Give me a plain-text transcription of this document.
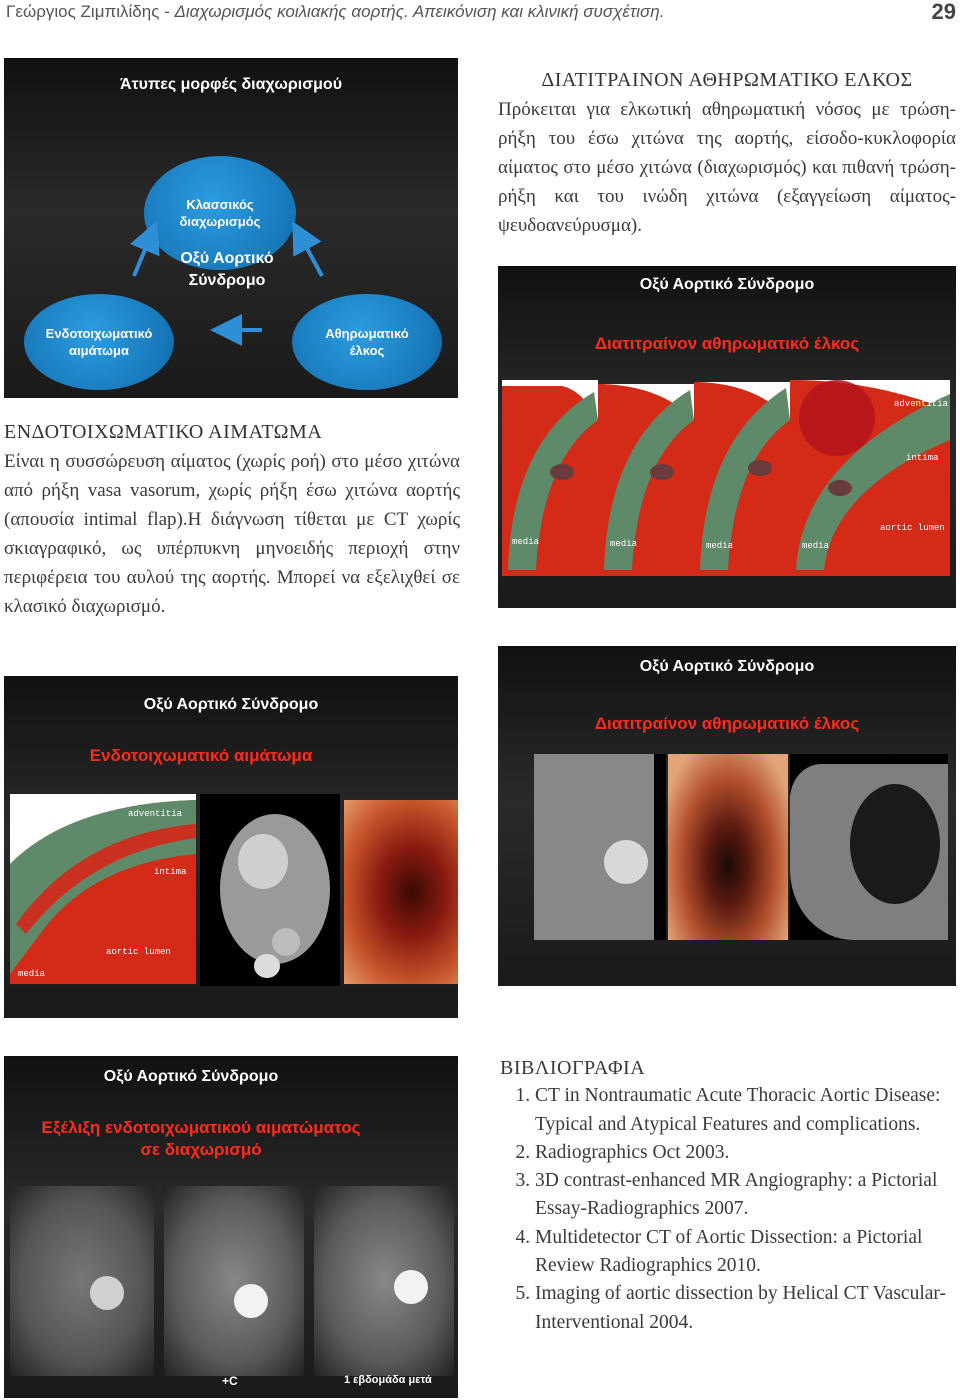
Γεώργιος Ζιμπιλίδης - Διαχωρισμός κοιλιακής αορτής. Απεικόνιση και κλινική συσχέτιση.	29
Άτυπες μορφές διαχωρισμού
Κλασσικός διαχωρισμός
Ενδοτοιχωματικό αιμάτωμα
Αθηρωματικό έλκος
Οξύ Αορτικό Σύνδρομο
ΔΙΑΤΙΤΡΑΙΝΟΝ ΑΘΗΡΩΜΑΤΙΚΟ ΕΛΚΟΣ
Πρόκειται για ελκωτική αθηρωματική νόσος με τρώση-ρήξη του έσω χιτώνα της αορτής, είσοδο-κυκλοφορία αίματος στο μέσο χιτώνα (διαχωρισμός) και πιθανή τρώση-ρήξη και του ινώδη χιτώνα (εξαγγείωση αίματος-ψευδοανεύρυσμα).
Οξύ Αορτικό Σύνδρομο
Διατιτραίνον αθηρωματικό έλκος
adventitia
intima
media	media	media	media
aortic lumen
ΕΝΔΟΤΟΙΧΩΜΑΤΙΚΟ ΑΙΜΑΤΩΜΑ
Είναι η συσσώρευση αίματος (χωρίς ροή) στο μέσο χιτώνα από ρήξη vasa vasorum, χωρίς ρήξη έσω χιτώνα αορτής (απουσία intimal flap).Η διάγνωση τίθεται με CT χωρίς σκιαγραφικό, ως υπέρπυκνη μηνοειδής περιοχή στην περιφέρεια του αυλού της αορτής. Μπορεί να εξελιχθεί σε κλασικό διαχωρισμό.
Οξύ Αορτικό Σύνδρομο
Ενδοτοιχωματικό αιμάτωμα
adventitia
intima
aortic lumen
media
Οξύ Αορτικό Σύνδρομο
Διατιτραίνον αθηρωματικό έλκος
Οξύ Αορτικό Σύνδρομο
Εξέλιξη ενδοτοιχωματικού αιματώματος
σε διαχωρισμό
+C	1 εβδομάδα μετά
ΒΙΒΛΙΟΓΡΑΦΙΑ
1. CT in Nontraumatic Acute Thoracic Aortic Disease: Typical and Atypical Features and complications.
2. Radiographics Oct 2003.
3. 3D contrast-enhanced MR Angiography: a Pictorial Essay-Radiographics 2007.
4. Multidetector CT of Aortic Dissection: a Pictorial Review Radiographics 2010.
5. Imaging of aortic dissection by Helical CT Vascular-Interventional 2004.
